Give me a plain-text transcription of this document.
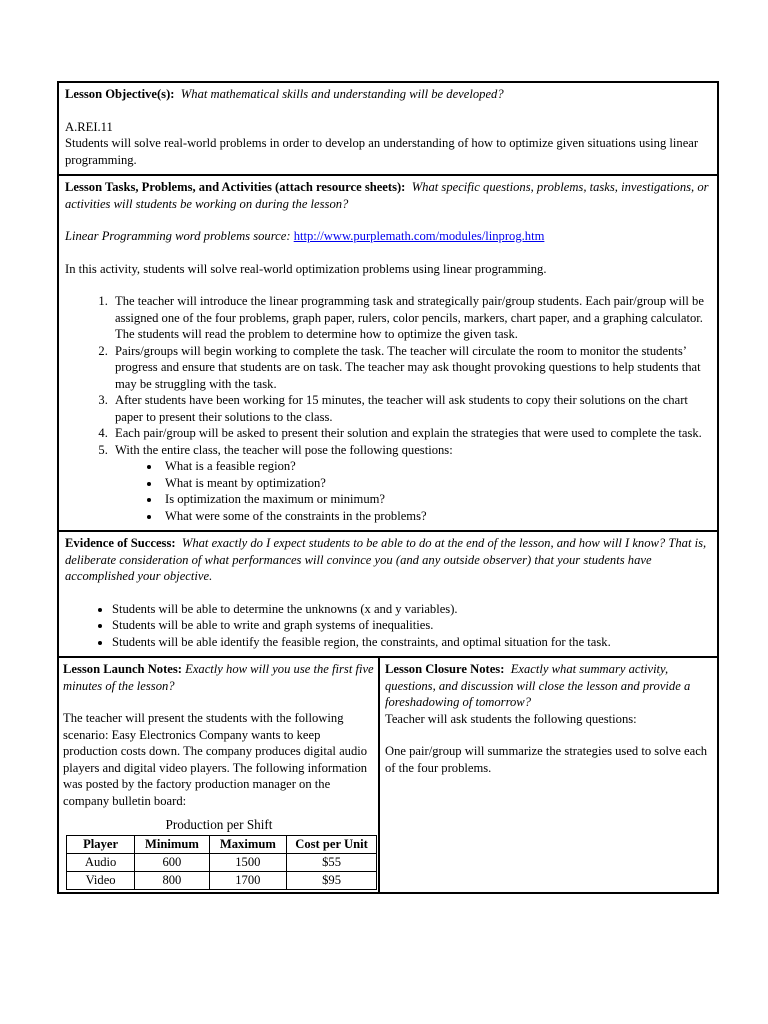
Lesson Objective(s): What mathematical skills and understanding will be developed?

A.REI.11

Students will solve real-world problems in order to develop an understanding of how to optimize given situations using linear programming.

Lesson Tasks, Problems, and Activities (attach resource sheets): What specific questions, problems, tasks, investigations, or activities will students be working on during the lesson?

Linear Programming word problems source: http://www.purplemath.com/modules/linprog.htm

In this activity, students will solve real-world optimization problems using linear programming.

1. The teacher will introduce the linear programming task and strategically pair/group students. Each pair/group will be assigned one of the four problems, graph paper, rulers, color pencils, markers, chart paper, and a graphing calculator. The students will read the problem to determine how to optimize the given task.
2. Pairs/groups will begin working to complete the task. The teacher will circulate the room to monitor the students’ progress and ensure that students are on task. The teacher may ask thought provoking questions to help students that may be struggling with the task.
3. After students have been working for 15 minutes, the teacher will ask students to copy their solutions on the chart paper to present their solutions to the class.
4. Each pair/group will be asked to present their solution and explain the strategies that were used to complete the task.
5. With the entire class, the teacher will pose the following questions:
• What is a feasible region?
• What is meant by optimization?
• Is optimization the maximum or minimum?
• What were some of the constraints in the problems?

Evidence of Success: What exactly do I expect students to be able to do at the end of the lesson, and how will I know? That is, deliberate consideration of what performances will convince you (and any outside observer) that your students have accomplished your objective.

• Students will be able to determine the unknowns (x and y variables).
• Students will be able to write and graph systems of inequalities.
• Students will be able identify the feasible region, the constraints, and optimal situation for the task.

Lesson Launch Notes: Exactly how will you use the first five minutes of the lesson?

The teacher will present the students with the following scenario: Easy Electronics Company wants to keep production costs down. The company produces digital audio players and digital video players. The following information was posted by the factory production manager on the company bulletin board:

Production per Shift
Player	Minimum	Maximum	Cost per Unit
Audio	600	1500	$55
Video	800	1700	$95

Lesson Closure Notes: Exactly what summary activity, questions, and discussion will close the lesson and provide a foreshadowing of tomorrow?

Teacher will ask students the following questions:

One pair/group will summarize the strategies used to solve each of the four problems.
